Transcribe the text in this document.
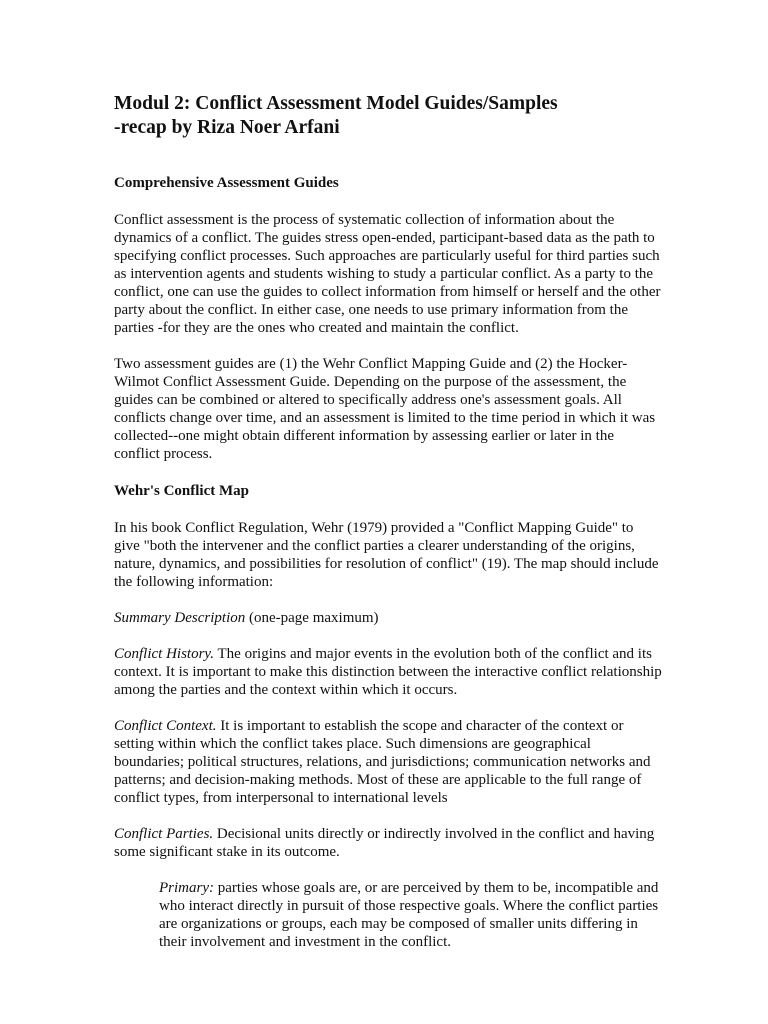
Modul 2: Conflict Assessment Model Guides/Samples
-recap by Riza Noer Arfani
Comprehensive Assessment Guides

Conflict assessment is the process of systematic collection of information about the dynamics of a conflict. The guides stress open-ended, participant-based data as the path to specifying conflict processes. Such approaches are particularly useful for third parties such as intervention agents and students wishing to study a particular conflict. As a party to the conflict, one can use the guides to collect information from himself or herself and the other party about the conflict. In either case, one needs to use primary information from the parties -for they are the ones who created and maintain the conflict.

Two assessment guides are (1) the Wehr Conflict Mapping Guide and (2) the Hocker-Wilmot Conflict Assessment Guide. Depending on the purpose of the assessment, the guides can be combined or altered to specifically address one's assessment goals. All conflicts change over time, and an assessment is limited to the time period in which it was collected--one might obtain different information by assessing earlier or later in the conflict process.

Wehr's Conflict Map

In his book Conflict Regulation, Wehr (1979) provided a "Conflict Mapping Guide" to give "both the intervener and the conflict parties a clearer understanding of the origins, nature, dynamics, and possibilities for resolution of conflict" (19). The map should include the following information:

Summary Description (one-page maximum)

Conflict History. The origins and major events in the evolution both of the conflict and its context. It is important to make this distinction between the interactive conflict relationship among the parties and the context within which it occurs.

Conflict Context. It is important to establish the scope and character of the context or setting within which the conflict takes place. Such dimensions are geographical boundaries; political structures, relations, and jurisdictions; communication networks and patterns; and decision-making methods. Most of these are applicable to the full range of conflict types, from interpersonal to international levels

Conflict Parties. Decisional units directly or indirectly involved in the conflict and having some significant stake in its outcome.

Primary: parties whose goals are, or are perceived by them to be, incompatible and who interact directly in pursuit of those respective goals. Where the conflict parties are organizations or groups, each may be composed of smaller units differing in their involvement and investment in the conflict.
